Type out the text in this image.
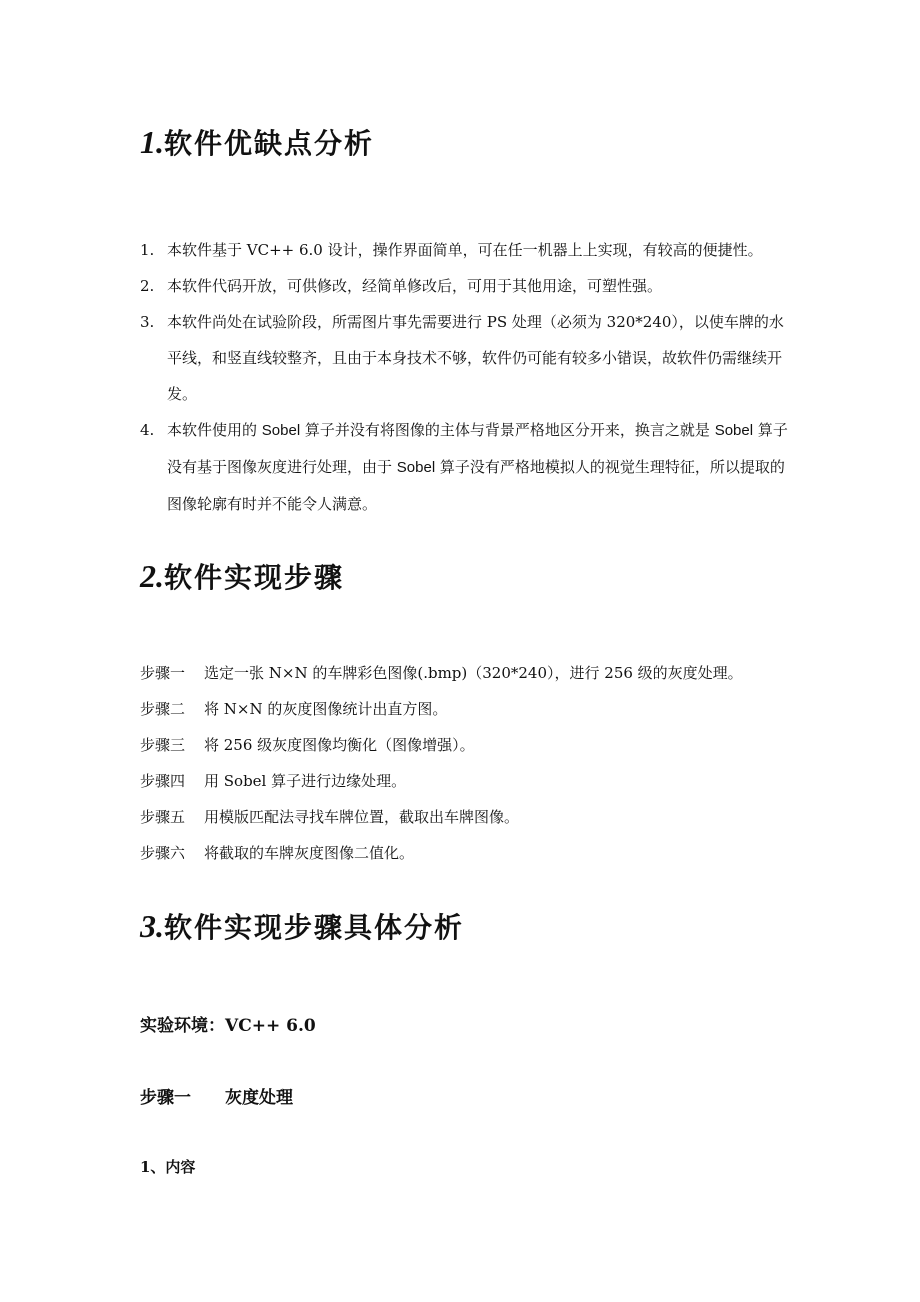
1.软件优缺点分析
1. 本软件基于 VC++ 6.0 设计，操作界面简单，可在任一机器上上实现，有较高的便捷性。
2. 本软件代码开放，可供修改，经简单修改后，可用于其他用途，可塑性强。
3. 本软件尚处在试验阶段，所需图片事先需要进行 PS 处理（必须为 320*240），以使车牌的水平线，和竖直线较整齐，且由于本身技术不够，软件仍可能有较多小错误，故软件仍需继续开发。
4. 本软件使用的 Sobel 算子并没有将图像的主体与背景严格地区分开来，换言之就是 Sobel 算子没有基于图像灰度进行处理，由于 Sobel 算子没有严格地模拟人的视觉生理特征，所以提取的图像轮廓有时并不能令人满意。
2.软件实现步骤
步骤一 选定一张 N×N 的车牌彩色图像(.bmp)（320*240），进行 256 级的灰度处理。
步骤二 将 N×N 的灰度图像统计出直方图。
步骤三 将 256 级灰度图像均衡化（图像增强）。
步骤四 用 Sobel 算子进行边缘处理。
步骤五 用模版匹配法寻找车牌位置，截取出车牌图像。
步骤六 将截取的车牌灰度图像二值化。
3.软件实现步骤具体分析

实验环境：VC++ 6.0

步骤一　　灰度处理

1、内容
